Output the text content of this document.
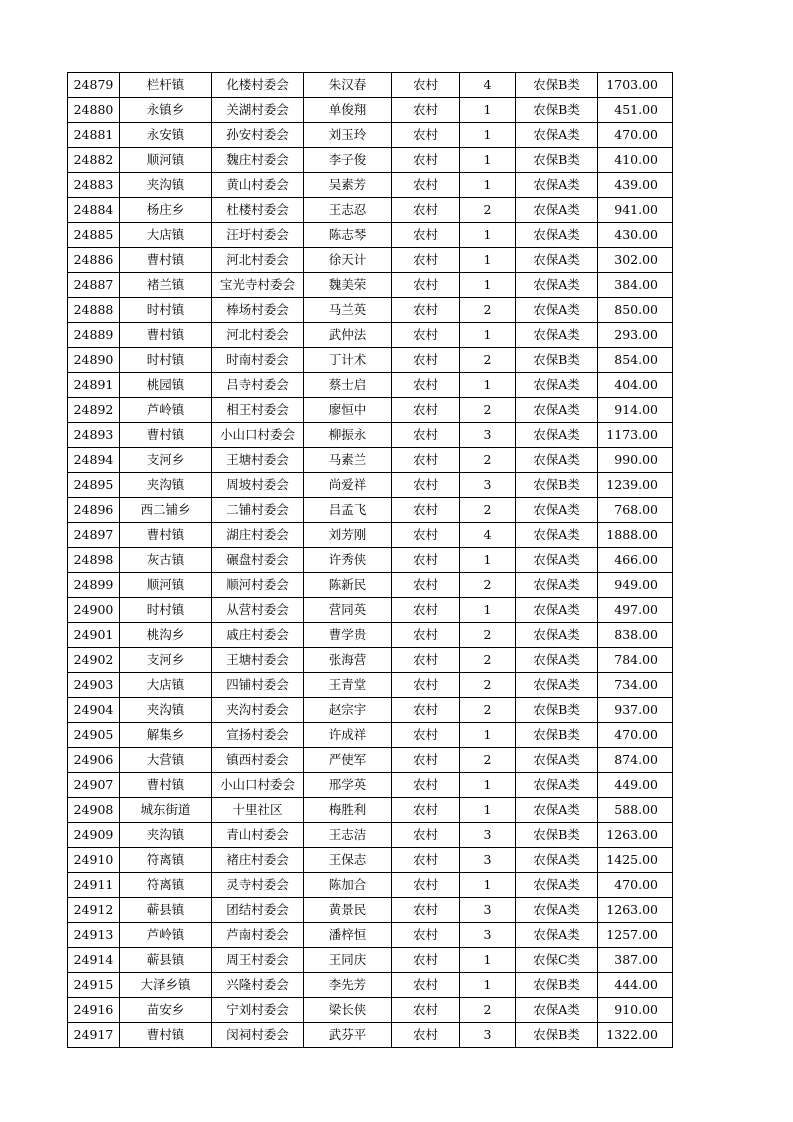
24879	栏杆镇	化楼村委会	朱汉春	农村	4	农保B类	1703.00
24880	永镇乡	关湖村委会	单俊翔	农村	1	农保B类	451.00
24881	永安镇	孙安村委会	刘玉玲	农村	1	农保A类	470.00
24882	顺河镇	魏庄村委会	李子俊	农村	1	农保B类	410.00
24883	夹沟镇	黄山村委会	吴素芳	农村	1	农保A类	439.00
24884	杨庄乡	杜楼村委会	王志忍	农村	2	农保A类	941.00
24885	大店镇	汪圩村委会	陈志琴	农村	1	农保A类	430.00
24886	曹村镇	河北村委会	徐天计	农村	1	农保A类	302.00
24887	褚兰镇	宝光寺村委会	魏美荣	农村	1	农保A类	384.00
24888	时村镇	棒场村委会	马兰英	农村	2	农保A类	850.00
24889	曹村镇	河北村委会	武仲法	农村	1	农保A类	293.00
24890	时村镇	时南村委会	丁计术	农村	2	农保B类	854.00
24891	桃园镇	吕寺村委会	蔡士启	农村	1	农保A类	404.00
24892	芦岭镇	相王村委会	廖恒中	农村	2	农保A类	914.00
24893	曹村镇	小山口村委会	柳振永	农村	3	农保A类	1173.00
24894	支河乡	王塘村委会	马素兰	农村	2	农保A类	990.00
24895	夹沟镇	周坡村委会	尚爱祥	农村	3	农保B类	1239.00
24896	西二铺乡	二铺村委会	吕孟飞	农村	2	农保A类	768.00
24897	曹村镇	湖庄村委会	刘芳刚	农村	4	农保A类	1888.00
24898	灰古镇	碾盘村委会	许秀侠	农村	1	农保A类	466.00
24899	顺河镇	顺河村委会	陈新民	农村	2	农保A类	949.00
24900	时村镇	从营村委会	营同英	农村	1	农保A类	497.00
24901	桃沟乡	戚庄村委会	曹学贵	农村	2	农保A类	838.00
24902	支河乡	王塘村委会	张海营	农村	2	农保A类	784.00
24903	大店镇	四铺村委会	王青堂	农村	2	农保A类	734.00
24904	夹沟镇	夹沟村委会	赵宗宇	农村	2	农保B类	937.00
24905	解集乡	宣扬村委会	许成祥	农村	1	农保B类	470.00
24906	大营镇	镇西村委会	严使军	农村	2	农保A类	874.00
24907	曹村镇	小山口村委会	邢学英	农村	1	农保A类	449.00
24908	城东街道	十里社区	梅胜利	农村	1	农保A类	588.00
24909	夹沟镇	青山村委会	王志洁	农村	3	农保B类	1263.00
24910	符离镇	褚庄村委会	王保志	农村	3	农保A类	1425.00
24911	符离镇	灵寺村委会	陈加合	农村	1	农保A类	470.00
24912	蕲县镇	团结村委会	黄景民	农村	3	农保A类	1263.00
24913	芦岭镇	芦南村委会	潘梓恒	农村	3	农保A类	1257.00
24914	蕲县镇	周王村委会	王同庆	农村	1	农保C类	387.00
24915	大泽乡镇	兴隆村委会	李先芳	农村	1	农保B类	444.00
24916	苗安乡	宁刘村委会	梁长侠	农村	2	农保A类	910.00
24917	曹村镇	闵祠村委会	武芬平	农村	3	农保B类	1322.00
